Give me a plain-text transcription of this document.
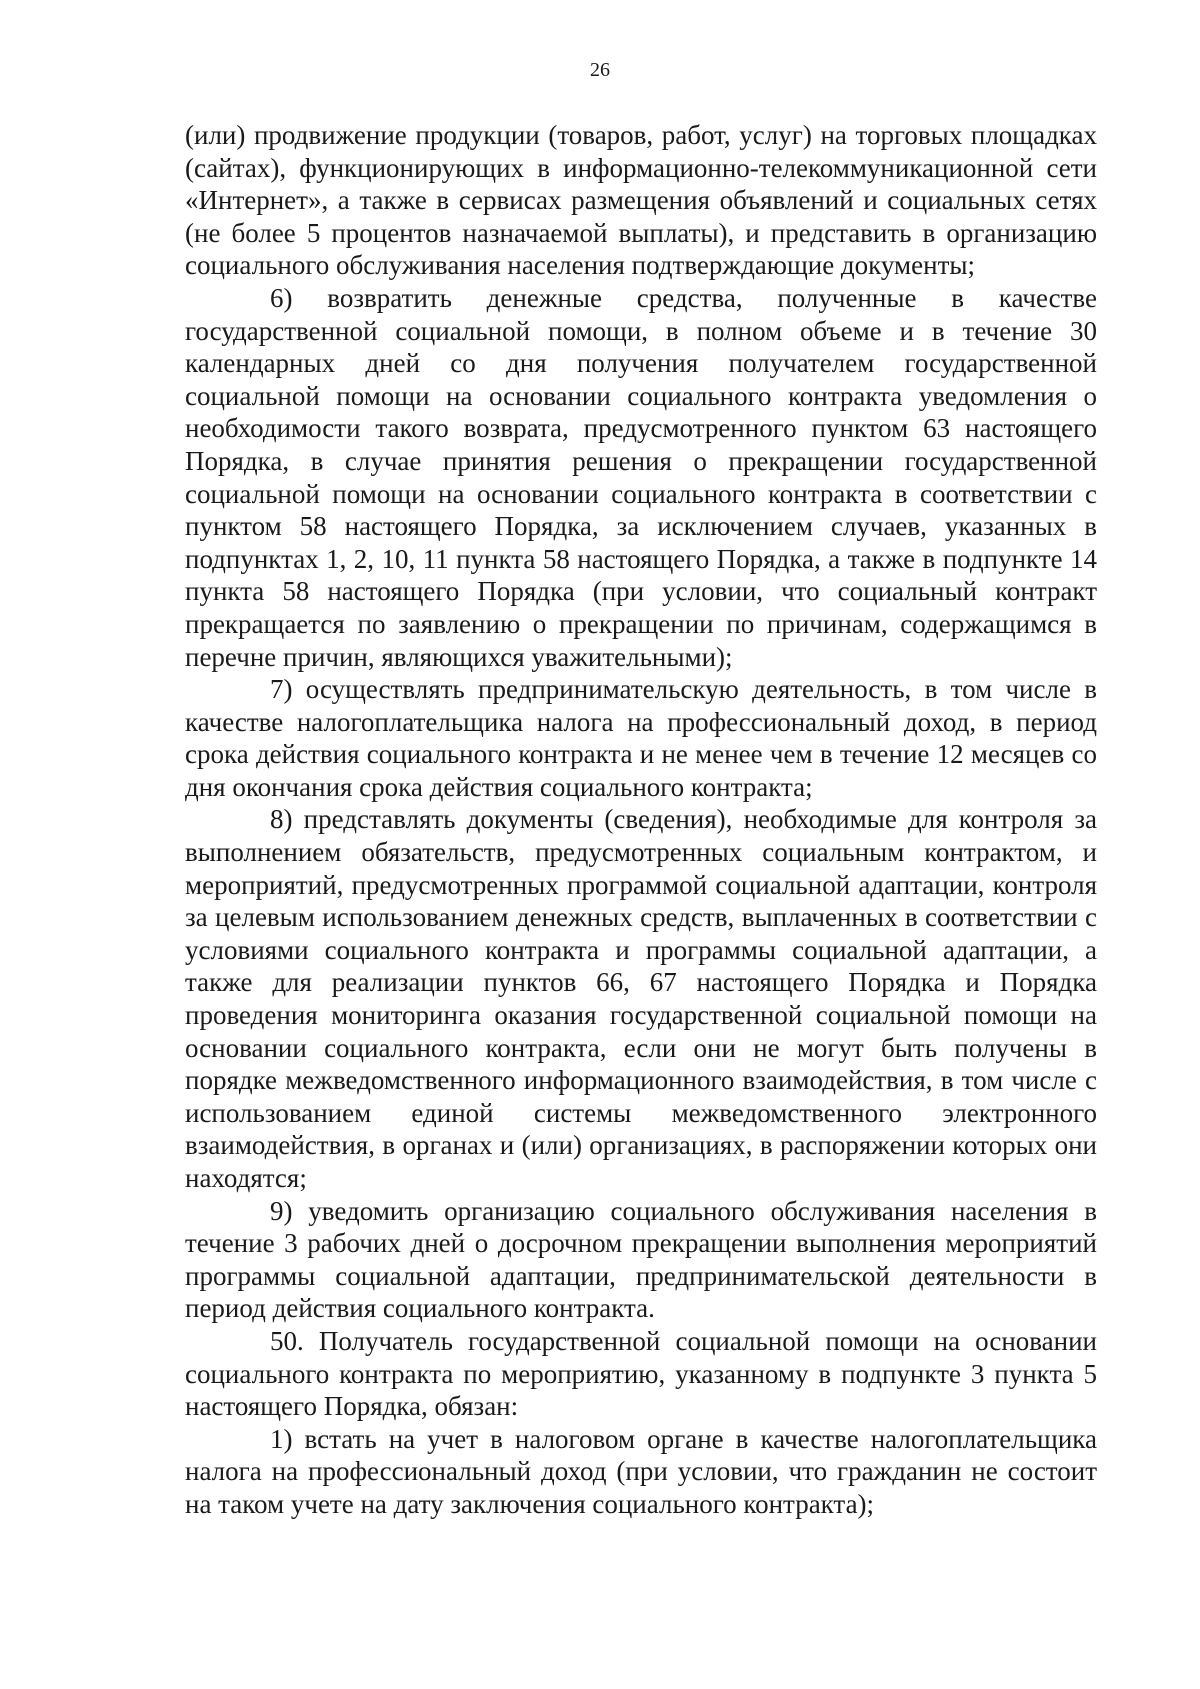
26

(или) продвижение продукции (товаров, работ, услуг) на торговых площадках (сайтах), функционирующих в информационно-телекоммуникационной сети «Интернет», а также в сервисах размещения объявлений и социальных сетях (не более 5 процентов назначаемой выплаты), и представить в организацию социального обслуживания населения подтверждающие документы;

6) возвратить денежные средства, полученные в качестве государственной социальной помощи, в полном объеме и в течение 30 календарных дней со дня получения получателем государственной социальной помощи на основании социального контракта уведомления о необходимости такого возврата, предусмотренного пунктом 63 настоящего Порядка, в случае принятия решения о прекращении государственной социальной помощи на основании социального контракта в соответствии с пунктом 58 настоящего Порядка, за исключением случаев, указанных в подпунктах 1, 2, 10, 11 пункта 58 настоящего Порядка, а также в подпункте 14 пункта 58 настоящего Порядка (при условии, что социальный контракт прекращается по заявлению о прекращении по причинам, содержащимся в перечне причин, являющихся уважительными);

7) осуществлять предпринимательскую деятельность, в том числе в качестве налогоплательщика налога на профессиональный доход, в период срока действия социального контракта и не менее чем в течение 12 месяцев со дня окончания срока действия социального контракта;

8) представлять документы (сведения), необходимые для контроля за выполнением обязательств, предусмотренных социальным контрактом, и мероприятий, предусмотренных программой социальной адаптации, контроля за целевым использованием денежных средств, выплаченных в соответствии с условиями социального контракта и программы социальной адаптации, а также для реализации пунктов 66, 67 настоящего Порядка и Порядка проведения мониторинга оказания государственной социальной помощи на основании социального контракта, если они не могут быть получены в порядке межведомственного информационного взаимодействия, в том числе с использованием единой системы межведомственного электронного взаимодействия, в органах и (или) организациях, в распоряжении которых они находятся;

9) уведомить организацию социального обслуживания населения в течение 3 рабочих дней о досрочном прекращении выполнения мероприятий программы социальной адаптации, предпринимательской деятельности в период действия социального контракта.

50. Получатель государственной социальной помощи на основании социального контракта по мероприятию, указанному в подпункте 3 пункта 5 настоящего Порядка, обязан:

1) встать на учет в налоговом органе в качестве налогоплательщика налога на профессиональный доход (при условии, что гражданин не состоит на таком учете на дату заключения социального контракта);
